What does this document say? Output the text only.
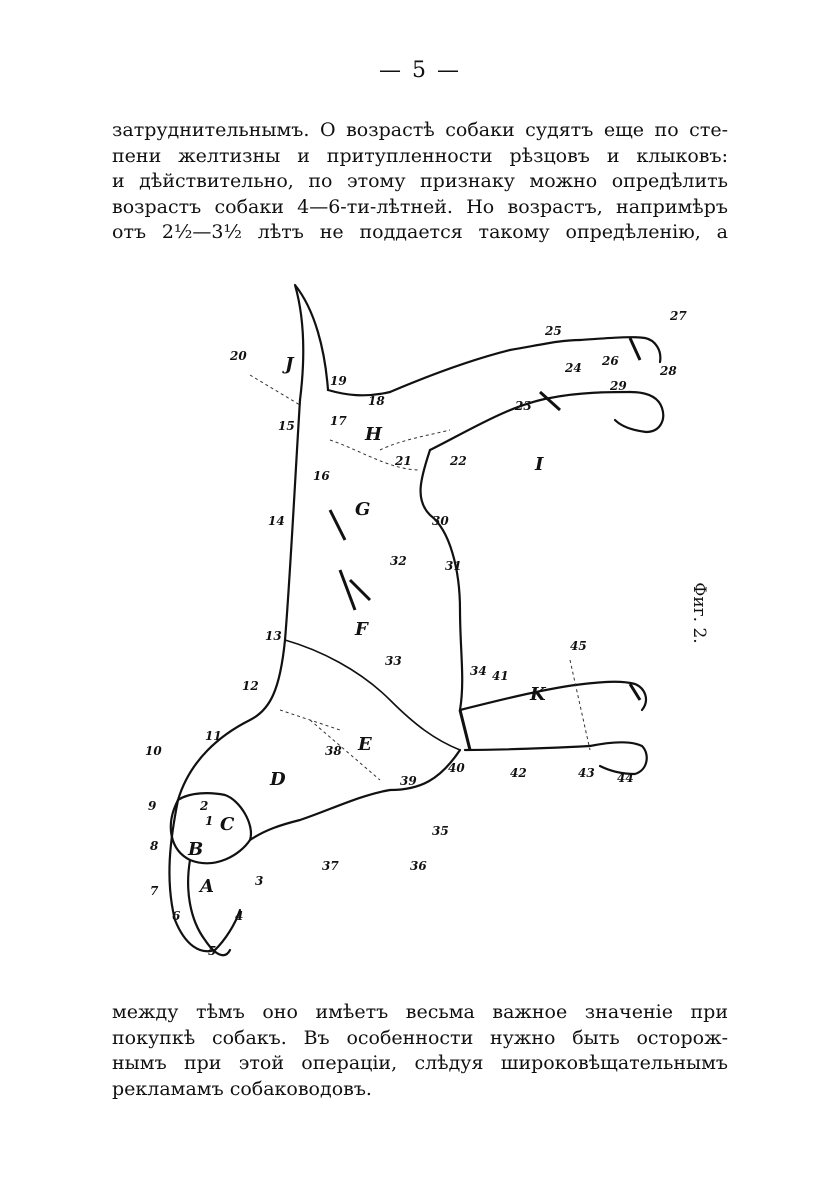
— 5 —
затруднительнымъ. О возрастѣ собаки судятъ еще по сте-
пени желтизны и притупленности рѣзцовъ и клыковъ:
и дѣйствительно, по этому признаку можно опредѣлить
возрастъ собаки 4—6-ти-лѣтней. Но возрастъ, напримѣръ
отъ 2½—3½ лѣтъ не поддается такому опредѣленію, а
J
H
G
F
E
D
C
B
A
I
K
1
2
3
4
5
6
7
8
9
10
11
12
13
14
15
16
17
18
19
20
21	22
23
24
25
26
27
28
29
30
31
32
33
34
35
36
37
38
39
40
41
42	43 44
45
Фиг. 2.
между тѣмъ оно имѣетъ весьма важное значеніе при
покупкѣ собакъ. Въ особенности нужно быть осторож-
нымъ при этой операціи, слѣдуя широковѣщательнымъ
рекламамъ собаководовъ.
